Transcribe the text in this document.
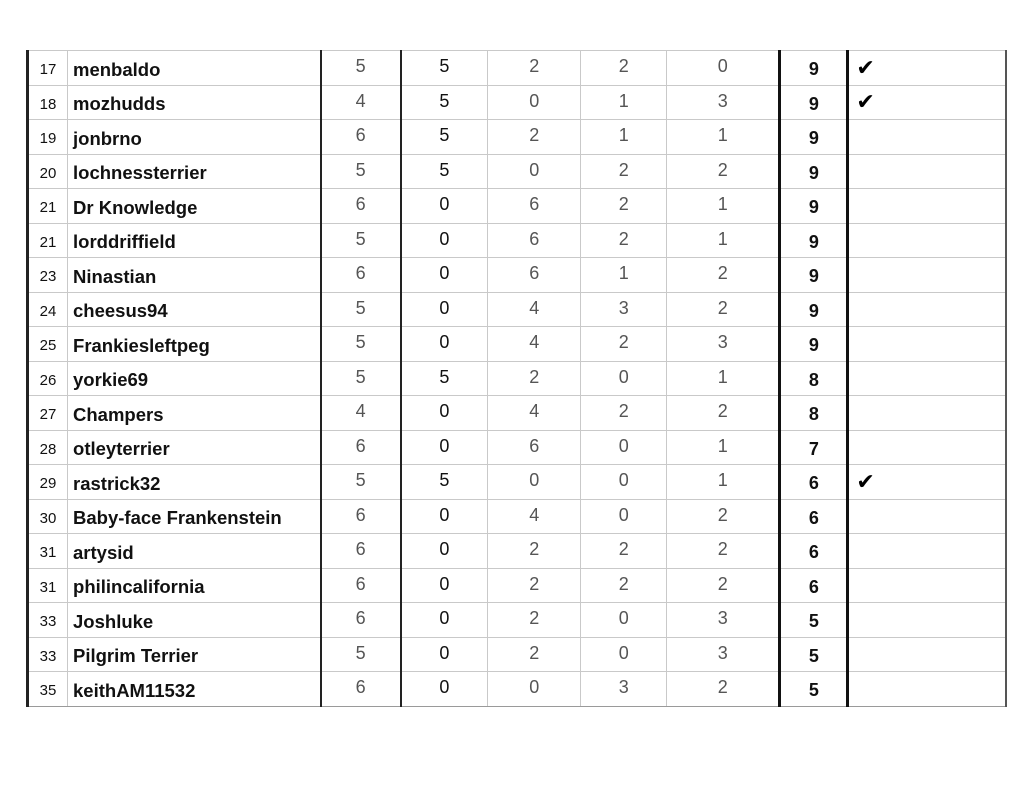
17	menbaldo	5	5	2	2	0	9	✔
18	mozhudds	4	5	0	1	3	9	✔
19	jonbrno	6	5	2	1	1	9	
20	lochnessterrier	5	5	0	2	2	9	
21	Dr Knowledge	6	0	6	2	1	9	
21	lorddriffield	5	0	6	2	1	9	
23	Ninastian	6	0	6	1	2	9	
24	cheesus94	5	0	4	3	2	9	
25	Frankiesleftpeg	5	0	4	2	3	9	
26	yorkie69	5	5	2	0	1	8	
27	Champers	4	0	4	2	2	8	
28	otleyterrier	6	0	6	0	1	7	
29	rastrick32	5	5	0	0	1	6	✔
30	Baby-face Frankenstein	6	0	4	0	2	6	
31	artysid	6	0	2	2	2	6	
31	philincalifornia	6	0	2	2	2	6	
33	Joshluke	6	0	2	0	3	5	
33	Pilgrim Terrier	5	0	2	0	3	5	
35	keithAM11532	6	0	0	3	2	5	
